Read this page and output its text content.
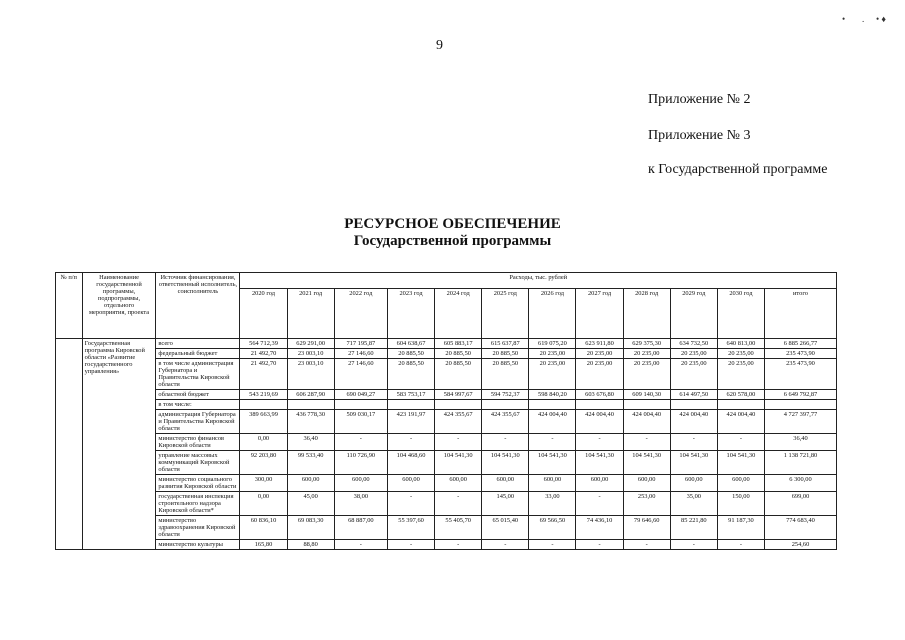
• . • ♦
9
Приложение № 2
Приложение № 3
к Государственной программе
РЕСУРСНОЕ ОБЕСПЕЧЕНИЕ
Государственной программы
№ п/п	Наименование государственной программы, подпрограммы, отдельного мероприятия, проекта	Источник финансирования, ответственный исполнитель, соисполнитель	Расходы, тыс. рублей											
			2020 год	2021 год	2022 год	2023 год	2024 год	2025 год	2026 год	2027 год	2028 год	2029 год	2030 год	итого
	Государственная программа Кировской области «Развитие государственного управления»	всего	564 712,39	629 291,00	717 195,87	604 638,67	605 883,17	615 637,87	619 075,20	623 911,80	629 375,30	634 732,50	640 813,00	6 885 266,77
		федеральный бюджет	21 492,70	23 003,10	27 146,60	20 885,50	20 885,50	20 885,50	20 235,00	20 235,00	20 235,00	20 235,00	20 235,00	235 473,90
		в том числе администрация Губернатора и Правительства Кировской области	21 492,70	23 003,10	27 146,60	20 885,50	20 885,50	20 885,50	20 235,00	20 235,00	20 235,00	20 235,00	20 235,00	235 473,90
		областной бюджет	543 219,69	606 287,90	690 049,27	583 753,17	584 997,67	594 752,37	598 840,20	603 676,80	609 140,30	614 497,50	620 578,00	6 649 792,87
		в том числе:												
		администрация Губернатора и Правительства Кировской области	389 663,99	436 778,30	509 030,17	423 191,97	424 355,67	424 355,67	424 004,40	424 004,40	424 004,40	424 004,40	424 004,40	4 727 397,77
		министерство финансов Кировской области	0,00	36,40	-	-	-	-	-	-	-	-	-	36,40
		управление массовых коммуникаций Кировской области	92 203,80	99 533,40	110 726,90	104 468,60	104 541,30	104 541,30	104 541,30	104 541,30	104 541,30	104 541,30	104 541,30	1 138 721,80
		министерство социального развития Кировской области	300,00	600,00	600,00	600,00	600,00	600,00	600,00	600,00	600,00	600,00	600,00	6 300,00
		государственная инспекция строительного надзора Кировской области*	0,00	45,00	38,00	-	-	145,00	33,00	-	253,00	35,00	150,00	699,00
		министерство здравоохранения Кировской области	60 836,10	69 083,30	68 887,00	55 397,60	55 405,70	65 015,40	69 566,50	74 436,10	79 646,60	85 221,80	91 187,30	774 683,40
		министерство культуры	165,80	88,80	-	-	-	-	-	-	-	-	-	254,60
